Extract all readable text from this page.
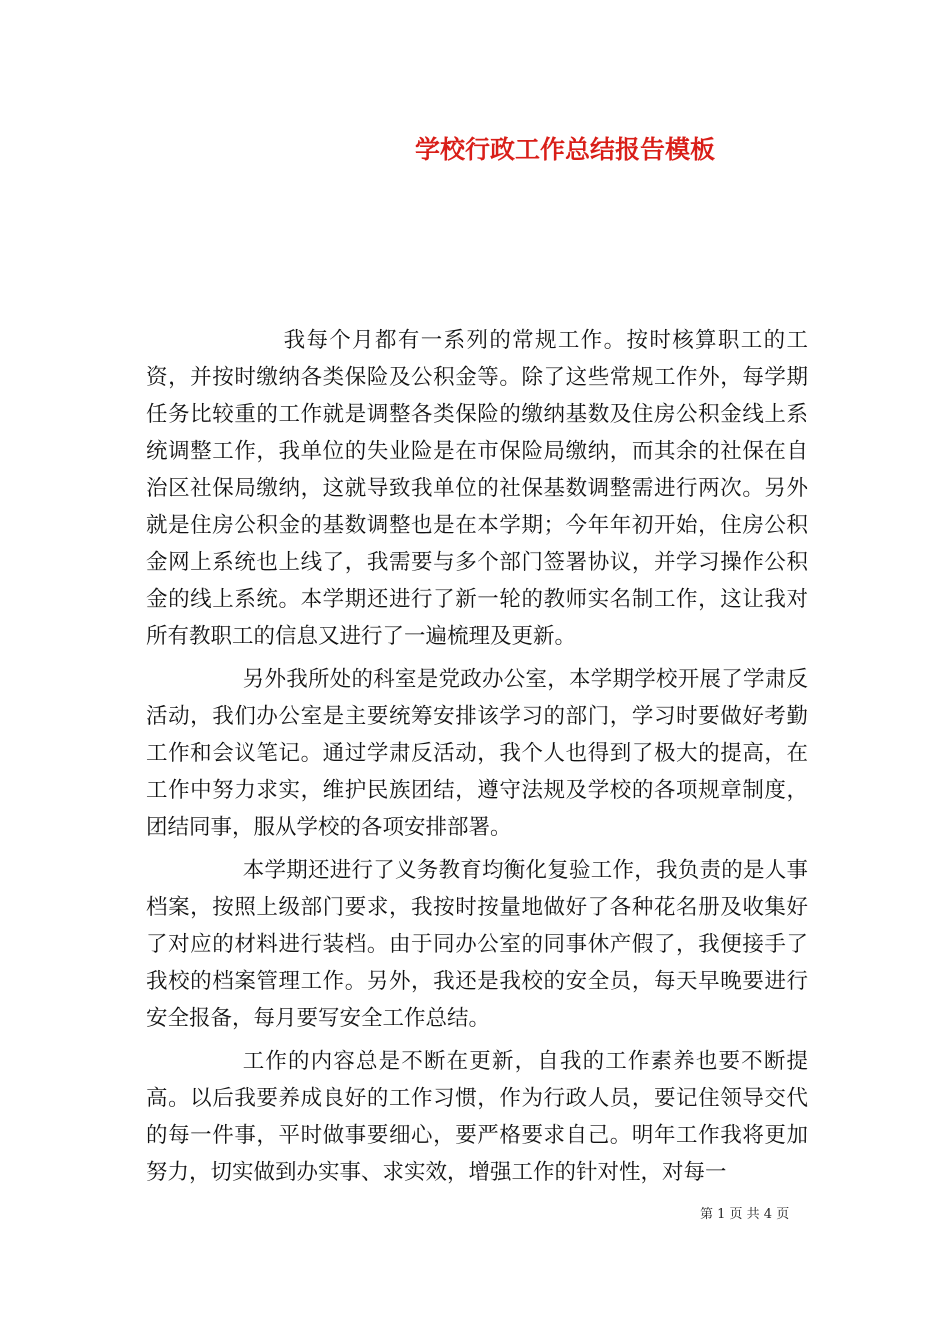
学校行政工作总结报告模板

我每个月都有一系列的常规工作。按时核算职工的工资，并按时缴纳各类保险及公积金等。除了这些常规工作外，每学期任务比较重的工作就是调整各类保险的缴纳基数及住房公积金线上系统调整工作，我单位的失业险是在市保险局缴纳，而其余的社保在自治区社保局缴纳，这就导致我单位的社保基数调整需进行两次。另外就是住房公积金的基数调整也是在本学期；今年年初开始，住房公积金网上系统也上线了，我需要与多个部门签署协议，并学习操作公积金的线上系统。本学期还进行了新一轮的教师实名制工作，这让我对所有教职工的信息又进行了一遍梳理及更新。

另外我所处的科室是党政办公室，本学期学校开展了学肃反活动，我们办公室是主要统筹安排该学习的部门，学习时要做好考勤工作和会议笔记。通过学肃反活动，我个人也得到了极大的提高，在工作中努力求实，维护民族团结，遵守法规及学校的各项规章制度，团结同事，服从学校的各项安排部署。

本学期还进行了义务教育均衡化复验工作，我负责的是人事档案，按照上级部门要求，我按时按量地做好了各种花名册及收集好了对应的材料进行装档。由于同办公室的同事休产假了，我便接手了我校的档案管理工作。另外，我还是我校的安全员，每天早晚要进行安全报备，每月要写安全工作总结。

工作的内容总是不断在更新，自我的工作素养也要不断提高。以后我要养成良好的工作习惯，作为行政人员，要记住领导交代的每一件事，平时做事要细心，要严格要求自己。明年工作我将更加努力，切实做到办实事、求实效，增强工作的针对性，对每一

第 1 页 共 4 页
